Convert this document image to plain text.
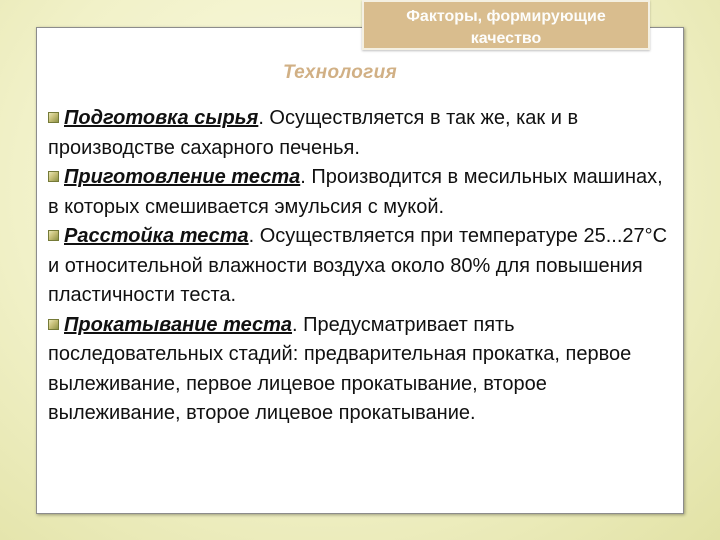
Факторы, формирующие
качество
Технология

Подготовка сырья. Осуществляется в так же, как и в производстве сахарного печенья.

Приготовление теста. Производится в месильных машинах, в которых смешивается эмульсия с мукой.

Расстойка теста. Осуществляется при температуре 25...27°С и относительной влажности воздуха около 80% для повышения пластичности теста.

Прокатывание теста. Предусматривает пять последовательных стадий: предварительная прокатка, первое вылеживание, первое лицевое прокатывание, второе вылеживание, второе лицевое прокатывание.
